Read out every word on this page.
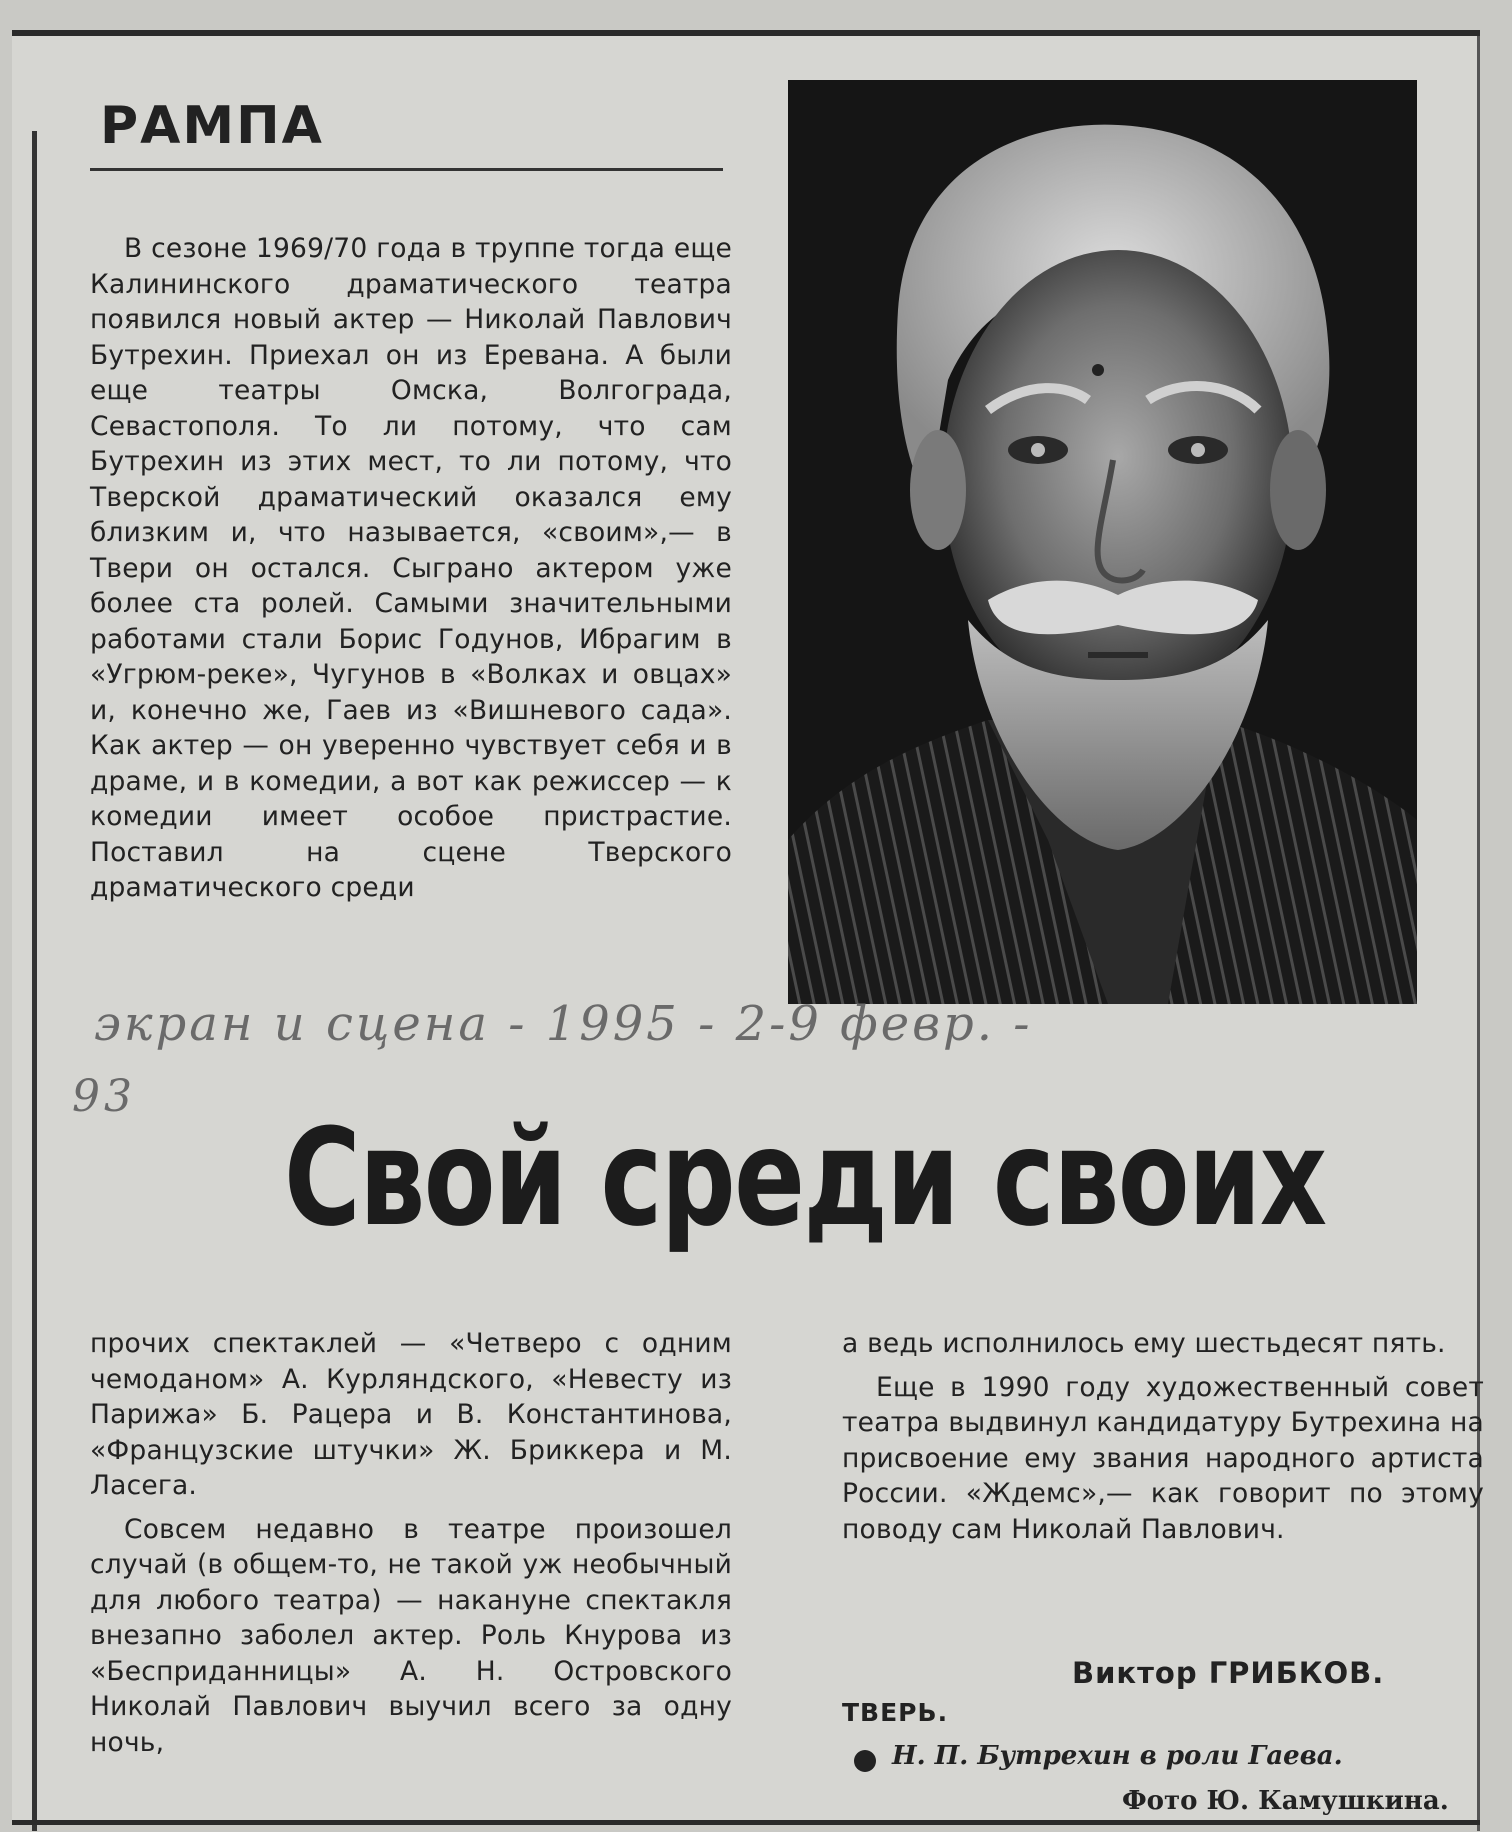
РАМПА

В сезоне 1969/70 года в труппе тогда еще Калининского драматического театра появился новый актер — Николай Павлович Бутрехин. Приехал он из Еревана. А были еще театры Омска, Волгограда, Севастополя. То ли потому, что сам Бутрехин из этих мест, то ли потому, что Тверской драматический оказался ему близким и, что называется, «своим»,— в Твери он остался. Сыграно актером уже более ста ролей. Самыми значительными работами стали Борис Годунов, Ибрагим в «Угрюм-реке», Чугунов в «Волках и овцах» и, конечно же, Гаев из «Вишневого сада». Как актер — он уверенно чувствует себя и в драме, и в комедии, а вот как режиссер — к комедии имеет особое пристрастие. Поставил на сцене Тверского драматического среди

экран и сцена - 1995 - 2-9 февр. -
93
Свой среди своих

прочих спектаклей — «Четверо с одним чемоданом» А. Курляндского, «Невесту из Парижа» Б. Рацера и В. Константинова, «Французские штучки» Ж. Бриккера и М. Ласега.

Совсем недавно в театре произошел случай (в общем-то, не такой уж необычный для любого театра) — накануне спектакля внезапно заболел актер. Роль Кнурова из «Бесприданницы» А. Н. Островского Николай Павлович выучил всего за одну ночь,

а ведь исполнилось ему шестьдесят пять.

Еще в 1990 году художественный совет театра выдвинул кандидатуру Бутрехина на присвоение ему звания народного артиста России. «Ждемс»,— как говорит по этому поводу сам Николай Павлович.

Виктор ГРИБКОВ.
ТВЕРЬ.
Н. П. Бутрехин в роли Гаева.
Фото Ю. Камушкина.
